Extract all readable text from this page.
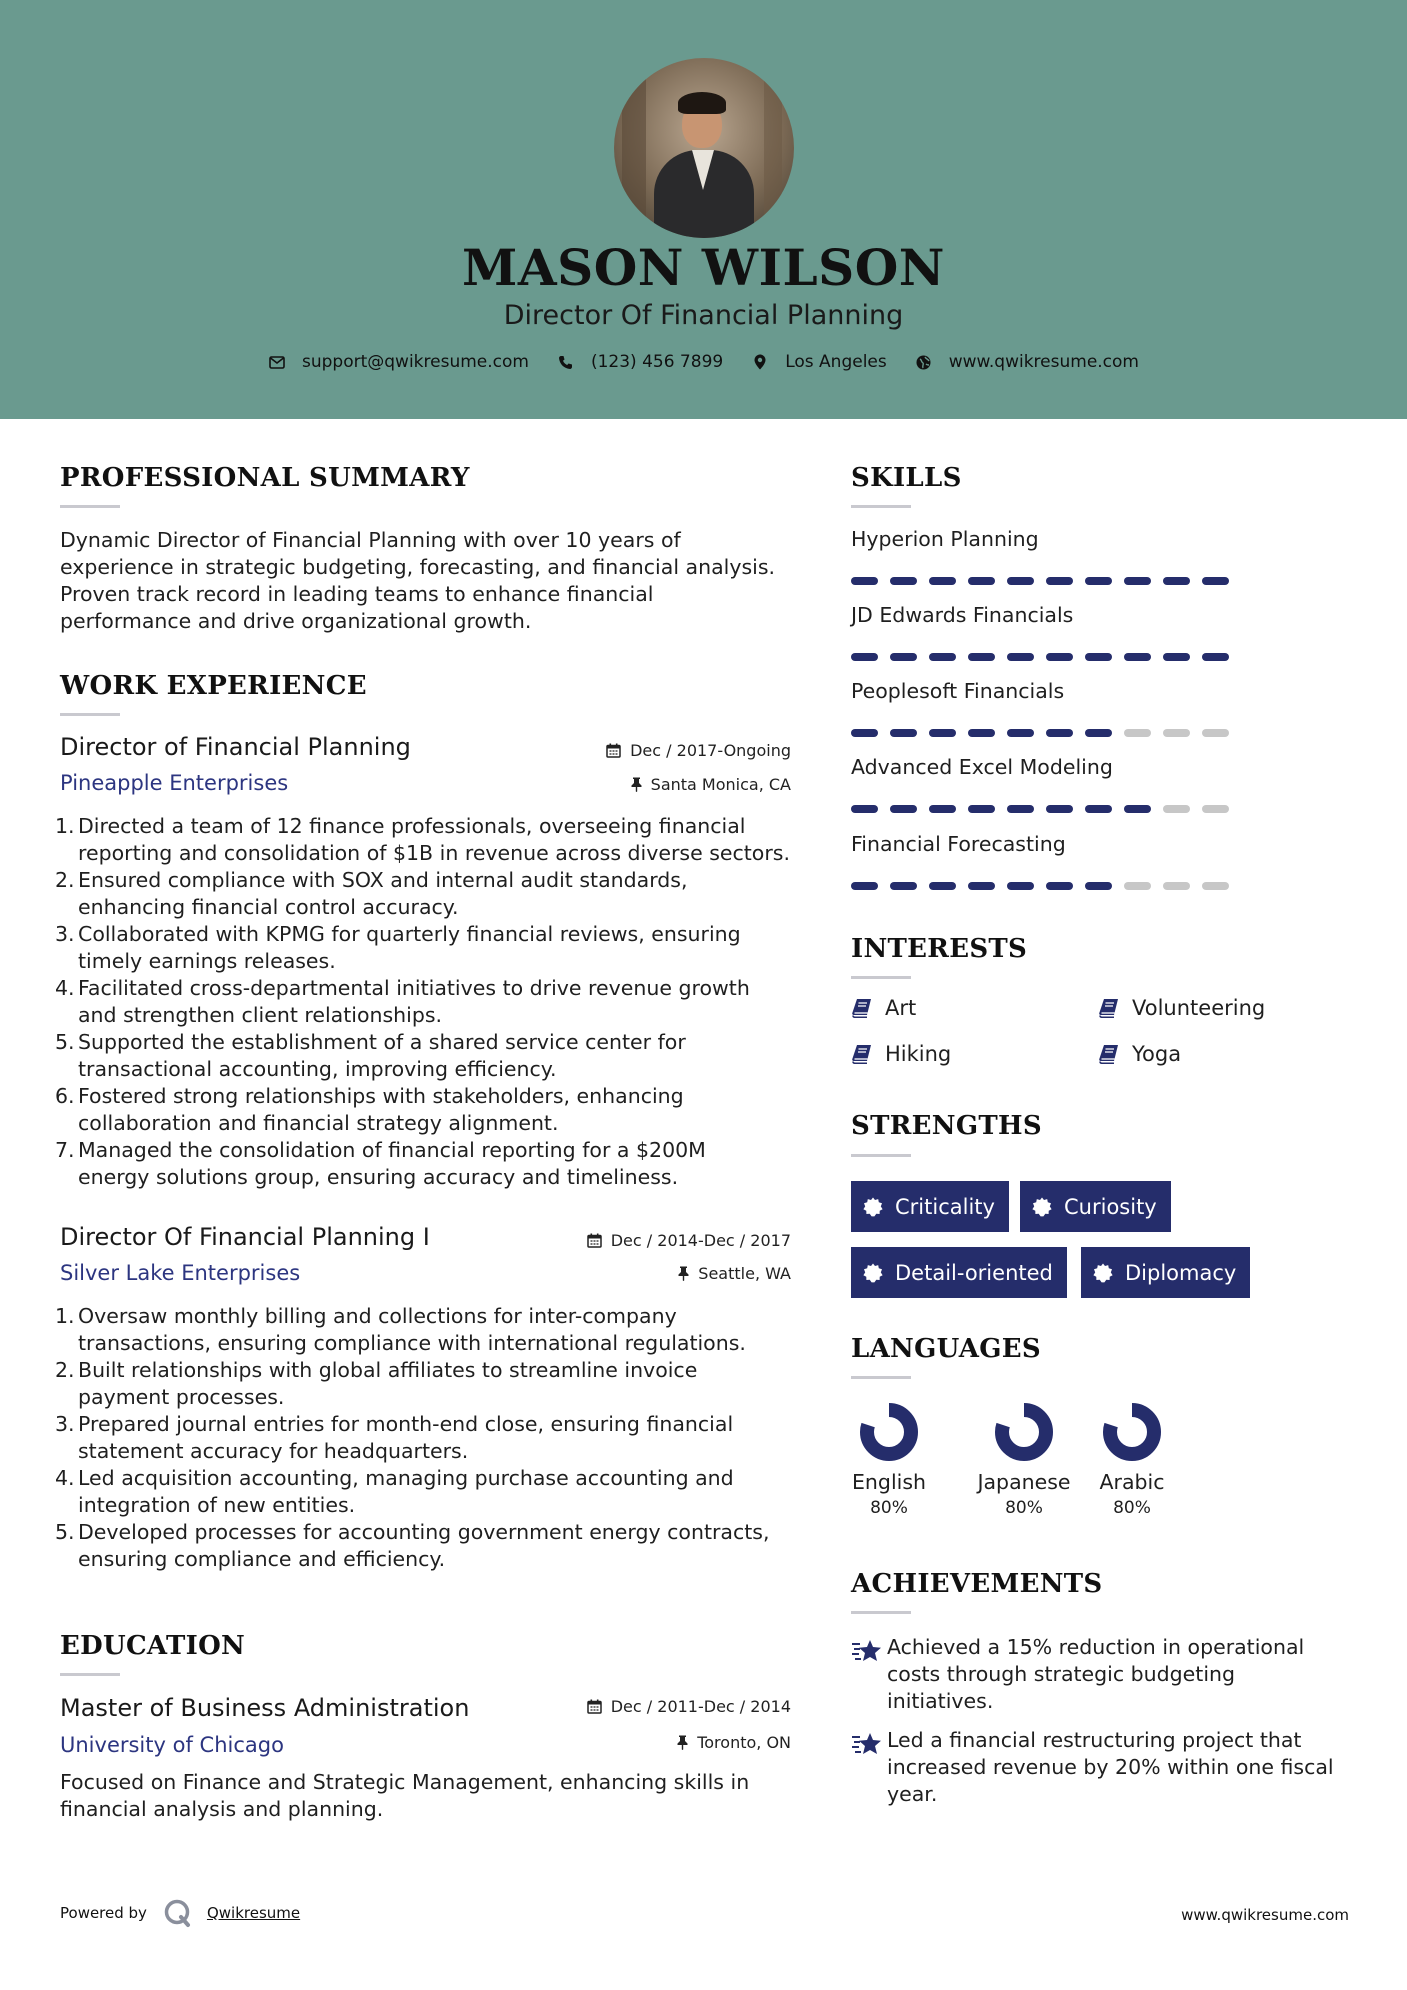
MASON WILSON
Director Of Financial Planning
support@qwikresume.com	(123) 456 7899	Los Angeles	www.qwikresume.com
PROFESSIONAL SUMMARY
Dynamic Director of Financial Planning with over 10 years of
experience in strategic budgeting, forecasting, and financial analysis.
Proven track record in leading teams to enhance financial
performance and drive organizational growth.
WORK EXPERIENCE
Director of Financial Planning	Dec / 2017-Ongoing
Pineapple Enterprises	Santa Monica, CA
1. Directed a team of 12 finance professionals, overseeing financial
reporting and consolidation of $1B in revenue across diverse sectors.
2. Ensured compliance with SOX and internal audit standards,
enhancing financial control accuracy.
3. Collaborated with KPMG for quarterly financial reviews, ensuring
timely earnings releases.
4. Facilitated cross-departmental initiatives to drive revenue growth
and strengthen client relationships.
5. Supported the establishment of a shared service center for
transactional accounting, improving efficiency.
6. Fostered strong relationships with stakeholders, enhancing
collaboration and financial strategy alignment.
7. Managed the consolidation of financial reporting for a $200M
energy solutions group, ensuring accuracy and timeliness.
Director Of Financial Planning I	Dec / 2014-Dec / 2017
Silver Lake Enterprises	Seattle, WA
1. Oversaw monthly billing and collections for inter-company
transactions, ensuring compliance with international regulations.
2. Built relationships with global affiliates to streamline invoice
payment processes.
3. Prepared journal entries for month-end close, ensuring financial
statement accuracy for headquarters.
4. Led acquisition accounting, managing purchase accounting and
integration of new entities.
5. Developed processes for accounting government energy contracts,
ensuring compliance and efficiency.
EDUCATION
Master of Business Administration	Dec / 2011-Dec / 2014
University of Chicago	Toronto, ON
Focused on Finance and Strategic Management, enhancing skills in
financial analysis and planning.
SKILLS
Hyperion Planning
JD Edwards Financials
Peoplesoft Financials
Advanced Excel Modeling
Financial Forecasting
INTERESTS
Art	Volunteering
Hiking	Yoga
STRENGTHS
Criticality	Curiosity
Detail-oriented	Diplomacy
LANGUAGES
English
80%
Japanese
80%
Arabic
80%
ACHIEVEMENTS
Achieved a 15% reduction in operational
costs through strategic budgeting
initiatives.
Led a financial restructuring project that
increased revenue by 20% within one fiscal
year.
Powered by	Qwikresume	www.qwikresume.com
